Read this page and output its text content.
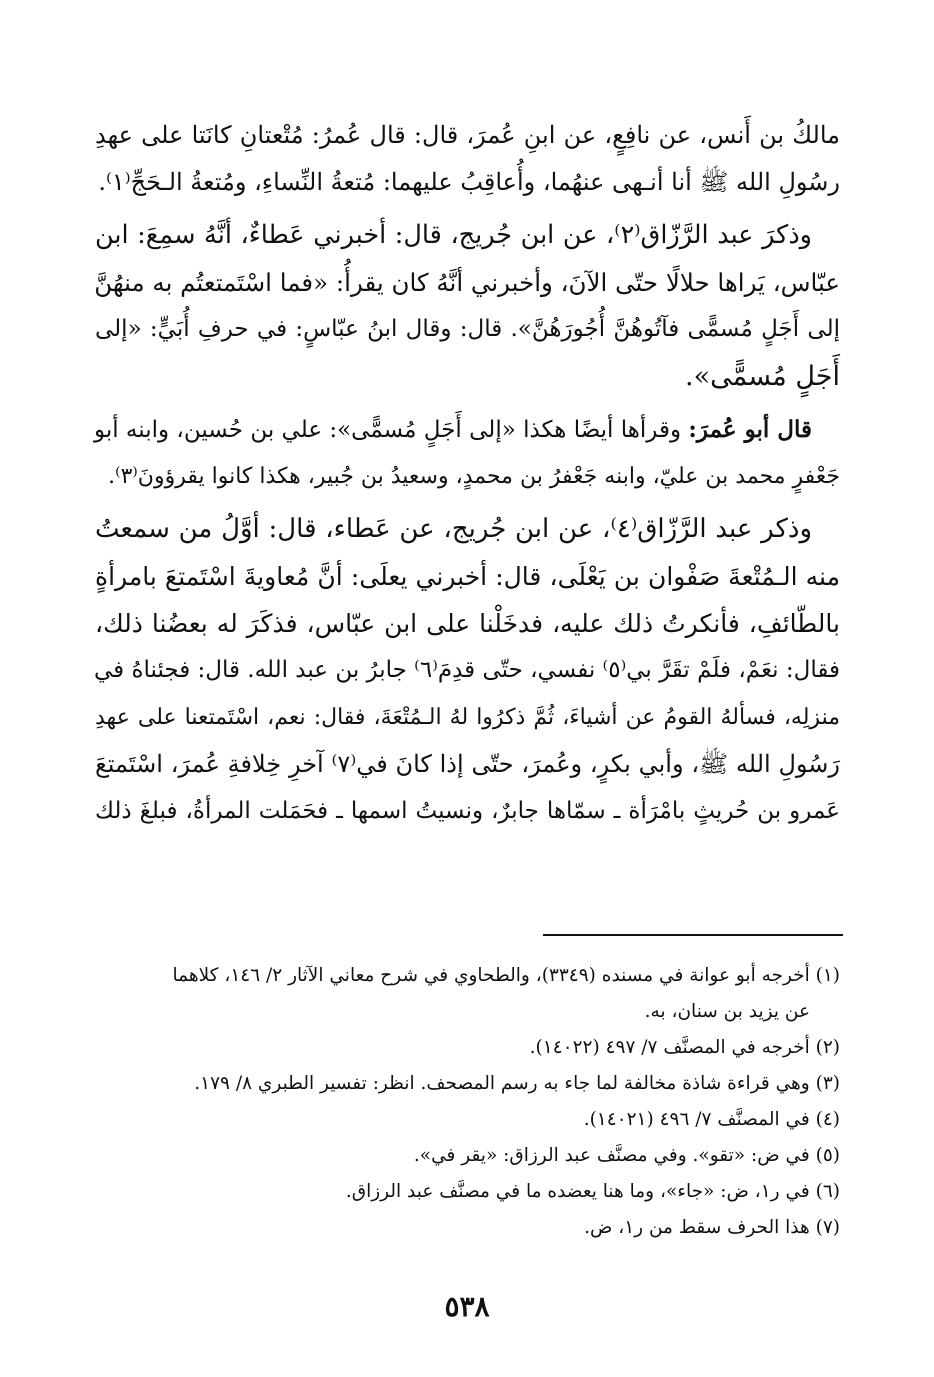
مالكُ بن أَنس، عن نافِعٍ، عن ابنِ عُمرَ، قال: قال عُمرُ: مُتْعتانِ كانَتا على عهدِ
رسُولِ الله ﷺ أنا أنـهى عنهُما، وأُعاقِبُ عليهما: مُتعةُ النِّساءِ، ومُتعةُ الـحَجِّ⁽١⁾.
وذكرَ عبد الرَّزّاق⁽٢⁾، عن ابن جُريج، قال: أخبرني عَطاءٌ، أنَّهُ سمِعَ: ابن
عبّاس، يَراها حلالًا حتّى الآنَ، وأخبرني أنَّهُ كان يقرأُ: «فما اسْتَمتعتُم به منهُنَّ
إلى أَجَلٍ مُسمًّى فآتُوهُنَّ أُجُورَهُنَّ». قال: وقال ابنُ عبّاسٍ: في حرفِ أُبَيٍّ: «إلى
أَجَلٍ مُسمًّى».
قال أبو عُمرَ: وقرأها أيضًا هكذا «إلى أَجَلٍ مُسمًّى»: علي بن حُسين، وابنه أبو
جَعْفرٍ محمد بن عليّ، وابنه جَعْفرُ بن محمدٍ، وسعيدُ بن جُبير، هكذا كانوا يقرؤونَ⁽٣⁾.
وذكر عبد الرَّزّاق⁽٤⁾، عن ابن جُريج، عن عَطاء، قال: أوَّلُ من سمعتُ
منه الـمُتْعةَ صَفْوان بن يَعْلَى، قال: أخبرني يعلَى: أنَّ مُعاويةَ اسْتَمتعَ بامرأةٍ
بالطّائفِ، فأنكرتُ ذلك عليه، فدخَلْنا على ابن عبّاس، فذكَرَ له بعضُنا ذلك،
فقال: نعَمْ، فلَمْ تقَرَّ بي⁽٥⁾ نفسي، حتّى قدِمَ⁽٦⁾ جابرُ بن عبد الله. قال: فجئناهُ في
منزلِه، فسألهُ القومُ عن أشياءَ، ثُمَّ ذكرُوا لهُ الـمُتْعَةَ، فقال: نعم، اسْتَمتعنا على عهدِ
رَسُولِ الله ﷺ، وأبي بكرٍ، وعُمرَ، حتّى إذا كانَ في⁽٧⁾ آخرِ خِلافةِ عُمرَ، اسْتَمتعَ
عَمرو بن حُريثٍ بامْرَأة ـ سمّاها جابرٌ، ونسيتُ اسمها ـ فحَمَلت المرأةُ، فبلغَ ذلك
(١) أخرجه أبو عوانة في مسنده (٣٣٤٩)، والطحاوي في شرح معاني الآثار ٢/ ١٤٦، كلاهما
عن يزيد بن سنان، به.
(٢) أخرجه في المصنَّف ٧/ ٤٩٧ (١٤٠٢٢).
(٣) وهي قراءة شاذة مخالفة لما جاء به رسم المصحف. انظر: تفسير الطبري ٨/ ١٧٩.
(٤) في المصنَّف ٧/ ٤٩٦ (١٤٠٢١).
(٥) في ض: «تقو». وفي مصنَّف عبد الرزاق: «يقر في».
(٦) في ر١، ض: «جاء»، وما هنا يعضده ما في مصنَّف عبد الرزاق.
(٧) هذا الحرف سقط من ر١، ض.
٥٣٨
